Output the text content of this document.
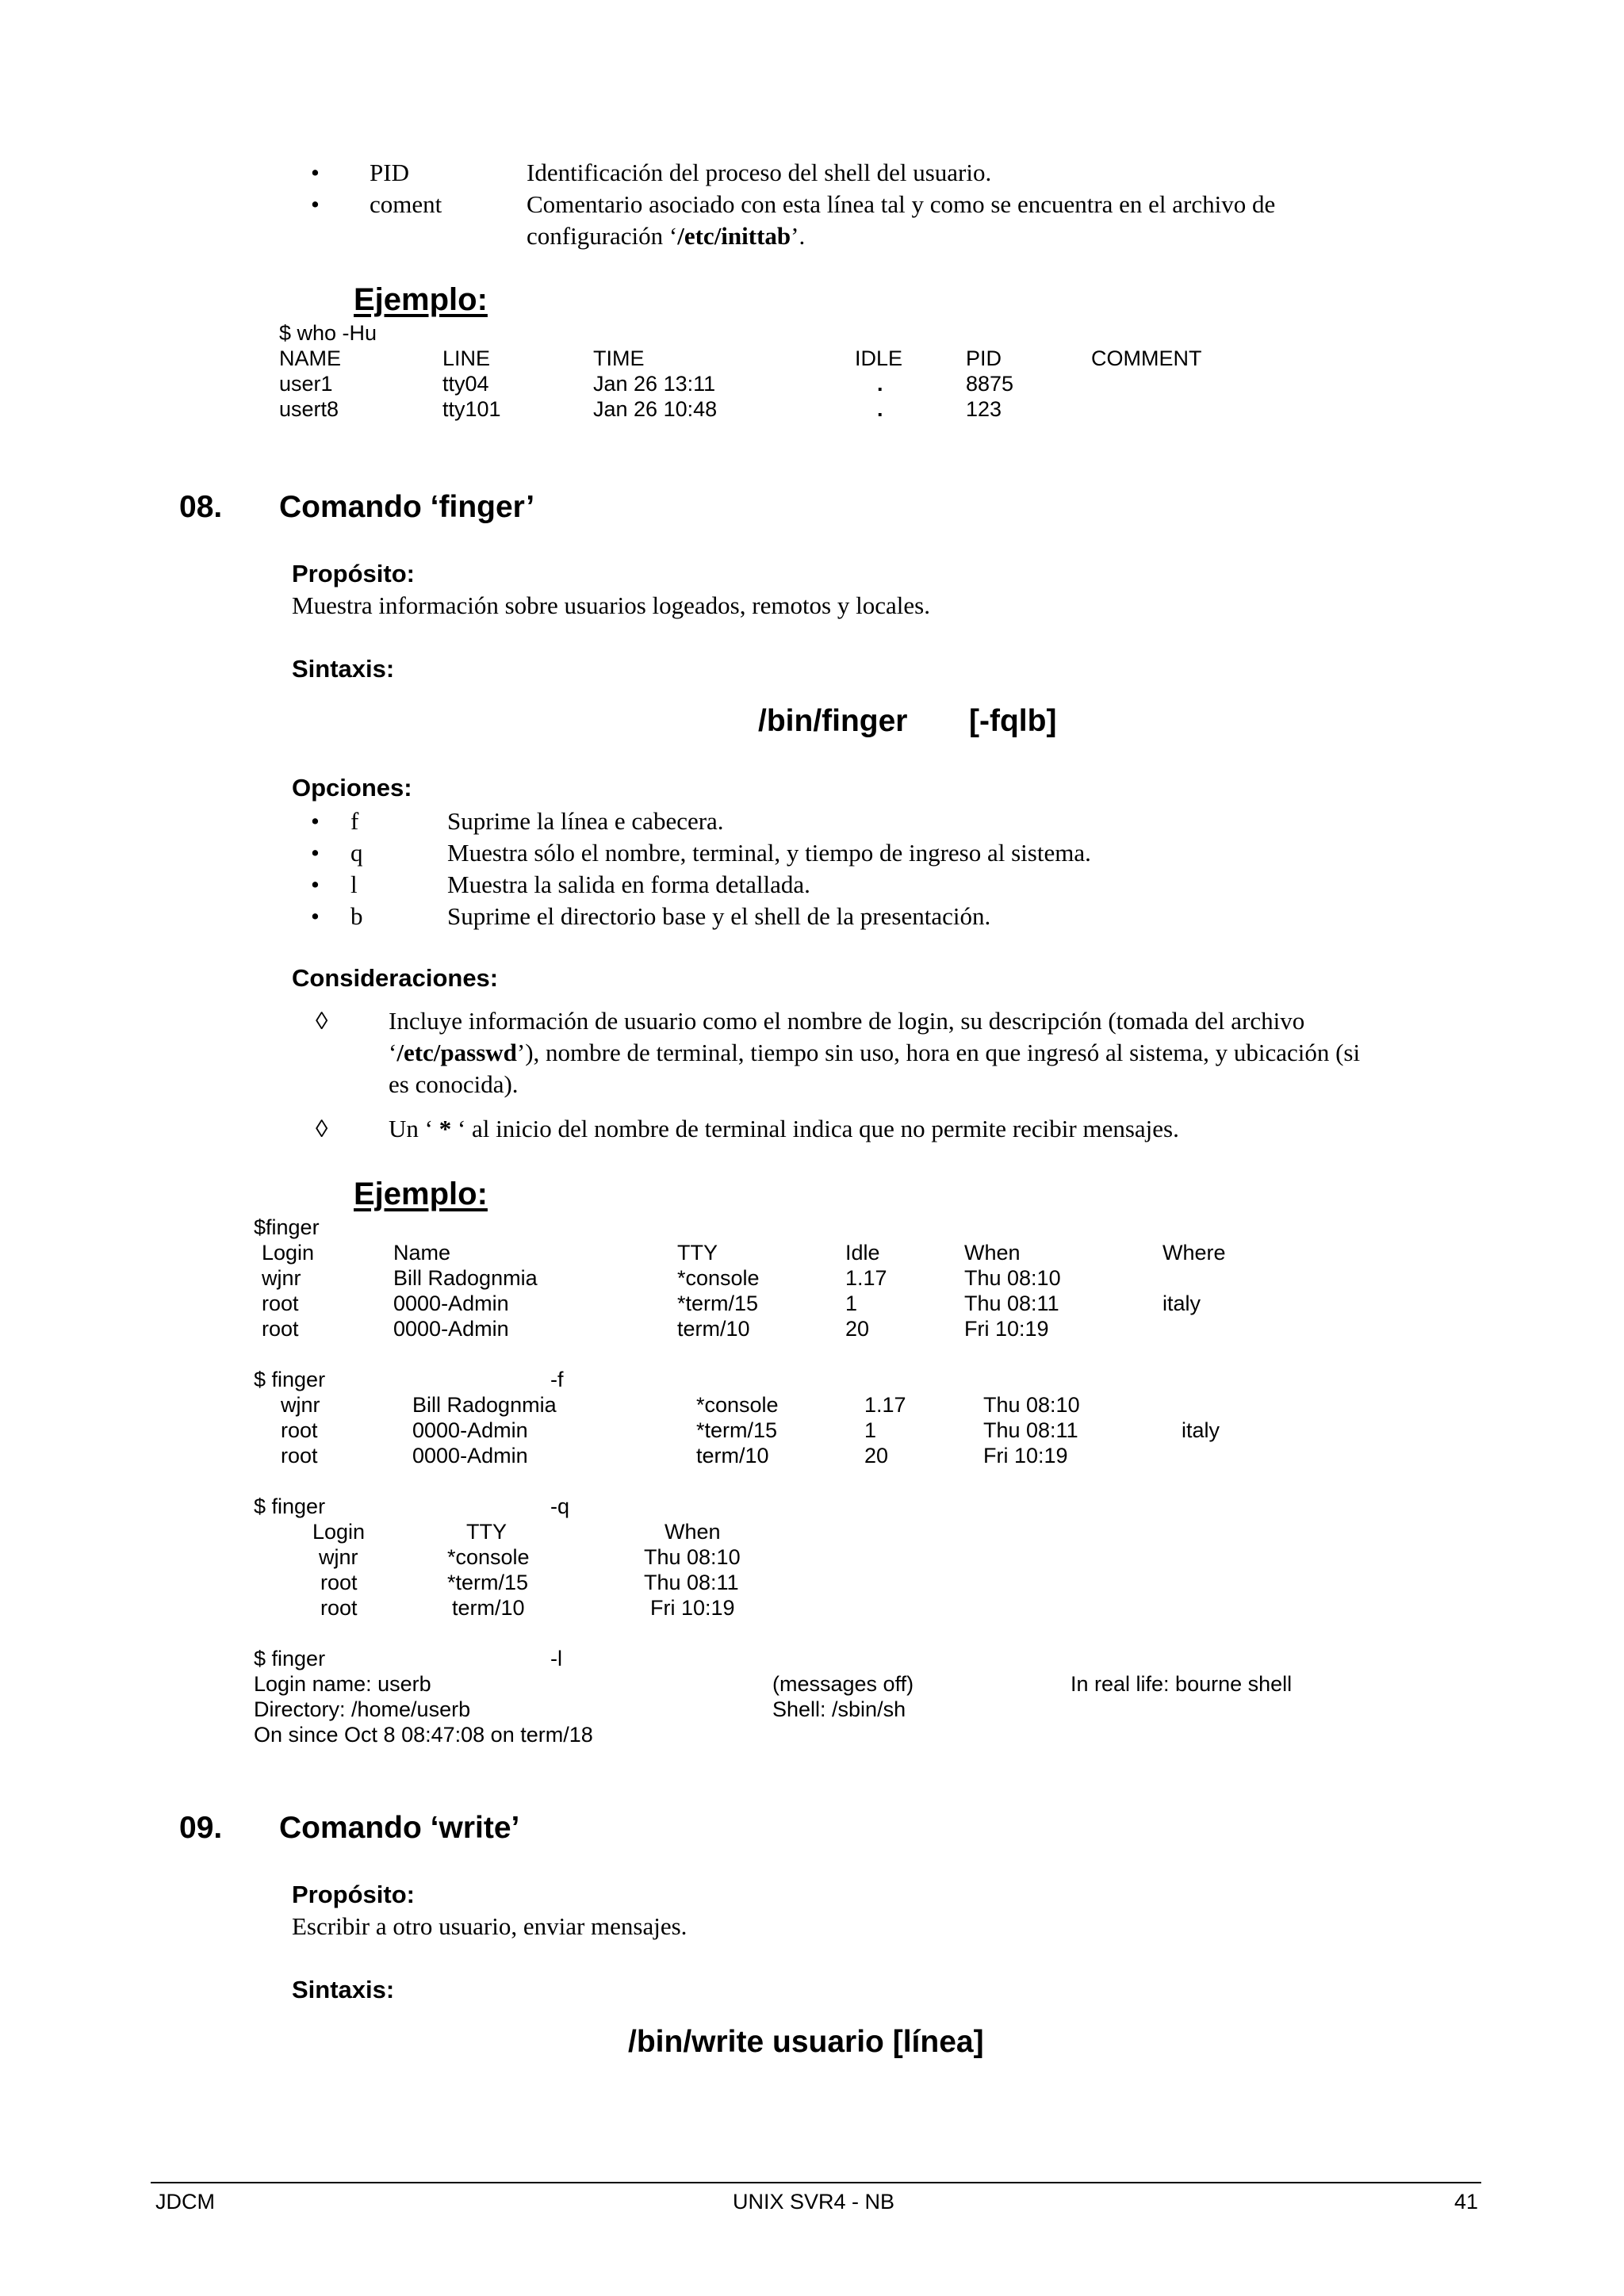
• PID	Identificación del proceso del shell del usuario.
• coment	Comentario asociado con esta línea tal y como se encuentra en el archivo de
configuración ‘/etc/inittab’.
Ejemplo:
$ who -Hu
NAME	LINE	TIME	IDLE	PID	COMMENT
user1	tty04	Jan 26 13:11	.	8875
usert8	tty101	Jan 26 10:48	.	123
08. Comando ‘finger’
Propósito:
Muestra información sobre usuarios logeados, remotos y locales.
Sintaxis:
/bin/finger [-fqlb]
Opciones:
• f	Suprime la línea e cabecera.
• q	Muestra sólo el nombre, terminal, y tiempo de ingreso al sistema.
• l	Muestra la salida en forma detallada.
• b	Suprime el directorio base y el shell de la presentación.
Consideraciones:
◊ Incluye información de usuario como el nombre de login, su descripción (tomada del archivo
‘/etc/passwd’), nombre de terminal, tiempo sin uso, hora en que ingresó al sistema, y ubicación (si
es conocida).
◊ Un ‘ * ‘ al inicio del nombre de terminal indica que no permite recibir mensajes.
Ejemplo:
$finger
Login	Name	TTY	Idle	When	Where
wjnr	Bill Radognmia	*console	1.17	Thu 08:10
root	0000-Admin	*term/15	1	Thu 08:11	italy
root	0000-Admin	term/10	20	Fri 10:19
$ finger	-f
wjnr	Bill Radognmia	*console	1.17	Thu 08:10
root	0000-Admin	*term/15	1	Thu 08:11	italy
root	0000-Admin	term/10	20	Fri 10:19
$ finger	-q
Login	TTY	When
wjnr	*console	Thu 08:10
root	*term/15	Thu 08:11
root	term/10	Fri 10:19
$ finger	-l
Login name: userb	(messages off)	In real life: bourne shell
Directory: /home/userb	Shell: /sbin/sh
On since Oct 8 08:47:08 on term/18
09. Comando ‘write’
Propósito:
Escribir a otro usuario, enviar mensajes.
Sintaxis:
/bin/write usuario [línea]
JDCM	UNIX SVR4 - NB	41
